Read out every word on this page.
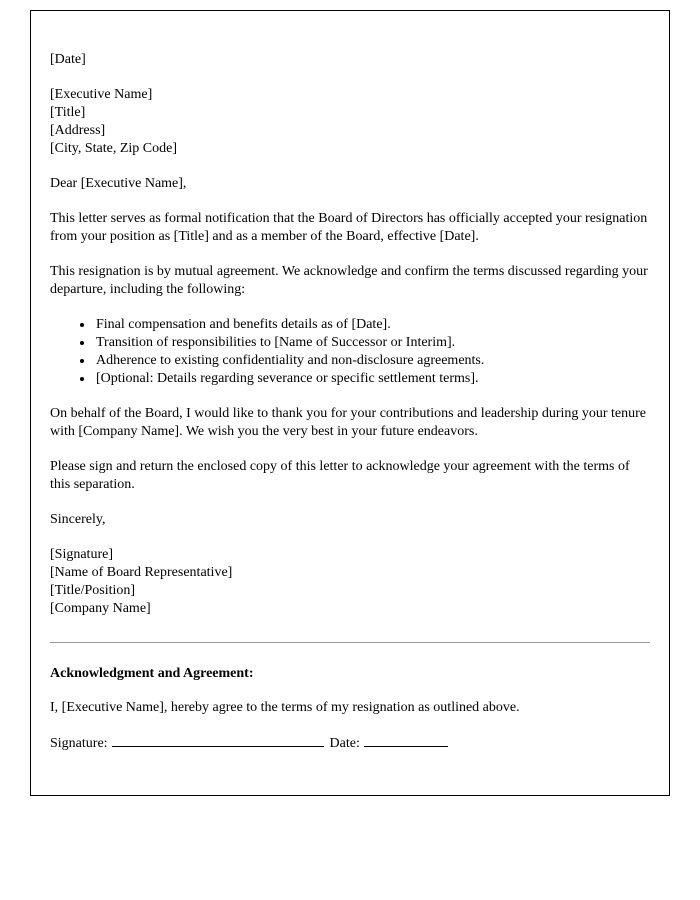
[Date]

[Executive Name]
[Title]
[Address]
[City, State, Zip Code]

Dear [Executive Name],

This letter serves as formal notification that the Board of Directors has officially accepted your resignation from your position as [Title] and as a member of the Board, effective [Date].

This resignation is by mutual agreement. We acknowledge and confirm the terms discussed regarding your departure, including the following:

• Final compensation and benefits details as of [Date].
• Transition of responsibilities to [Name of Successor or Interim].
• Adherence to existing confidentiality and non-disclosure agreements.
• [Optional: Details regarding severance or specific settlement terms].

On behalf of the Board, I would like to thank you for your contributions and leadership during your tenure with [Company Name]. We wish you the very best in your future endeavors.

Please sign and return the enclosed copy of this letter to acknowledge your agreement with the terms of this separation.

Sincerely,

[Signature]
[Name of Board Representative]
[Title/Position]
[Company Name]

Acknowledgment and Agreement:

I, [Executive Name], hereby agree to the terms of my resignation as outlined above.

Signature:	Date:
